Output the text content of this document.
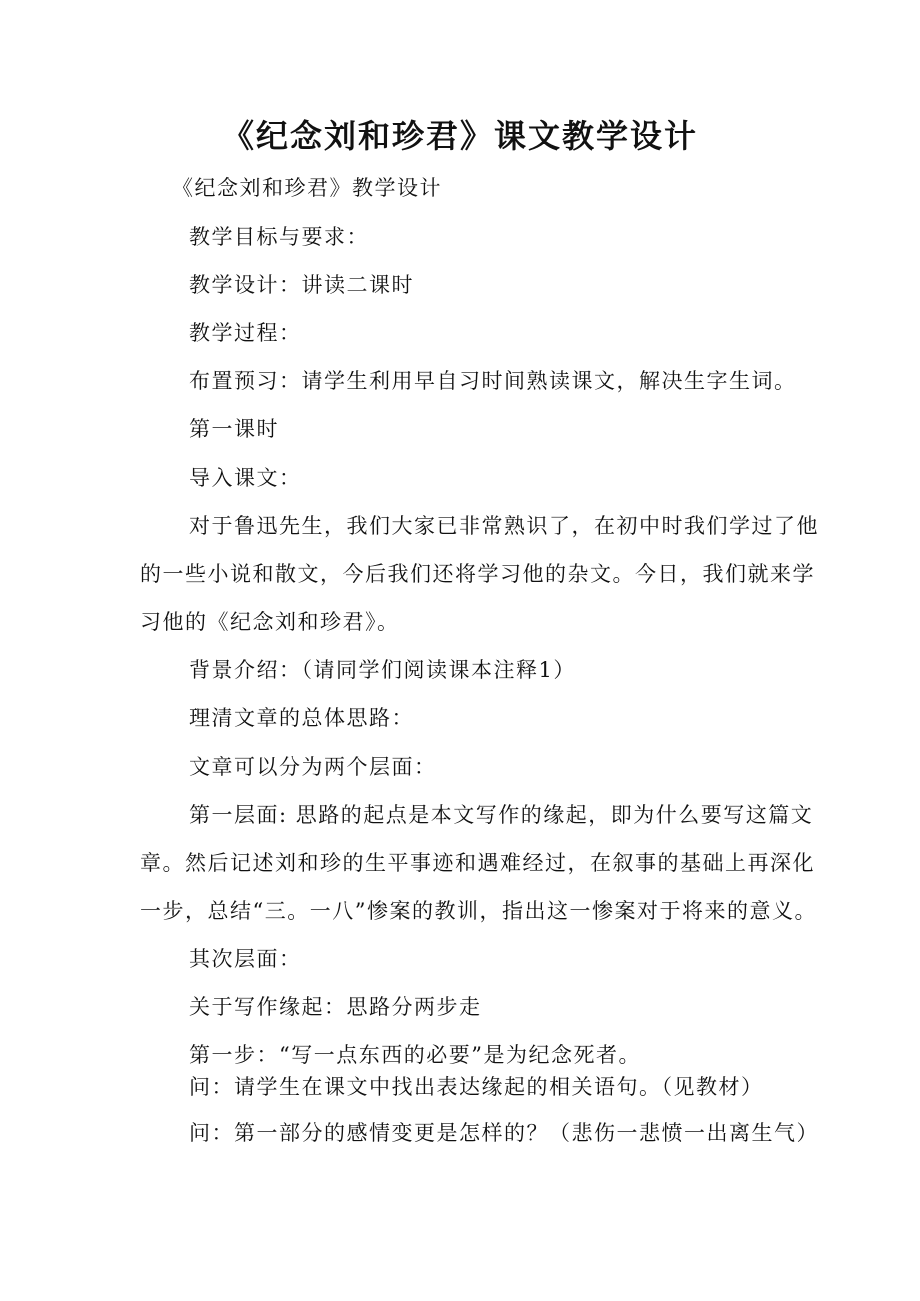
《纪念刘和珍君》课文教学设计
《纪念刘和珍君》教学设计
教学目标与要求：
教学设计：讲读二课时
教学过程：
布置预习：请学生利用早自习时间熟读课文，解决生字生词。
第一课时
导入课文：
对于鲁迅先生，我们大家已非常熟识了，在初中时我们学过了他
的一些小说和散文，今后我们还将学习他的杂文。今日，我们就来学
习他的《纪念刘和珍君》。
背景介绍：（请同学们阅读课本注释1）
理清文章的总体思路：
文章可以分为两个层面：
第一层面: 思路的起点是本文写作的缘起，即为什么要写这篇文
章。然后记述刘和珍的生平事迹和遇难经过，在叙事的基础上再深化
一步，总结“三。一八”惨案的教训，指出这一惨案对于将来的意义。
其次层面：
关于写作缘起：思路分两步走
第一步：“写一点东西的必要”是为纪念死者。
问：请学生在课文中找出表达缘起的相关语句。（见教材）
问：第一部分的感情变更是怎样的？（悲伤一悲愤一出离生气）
